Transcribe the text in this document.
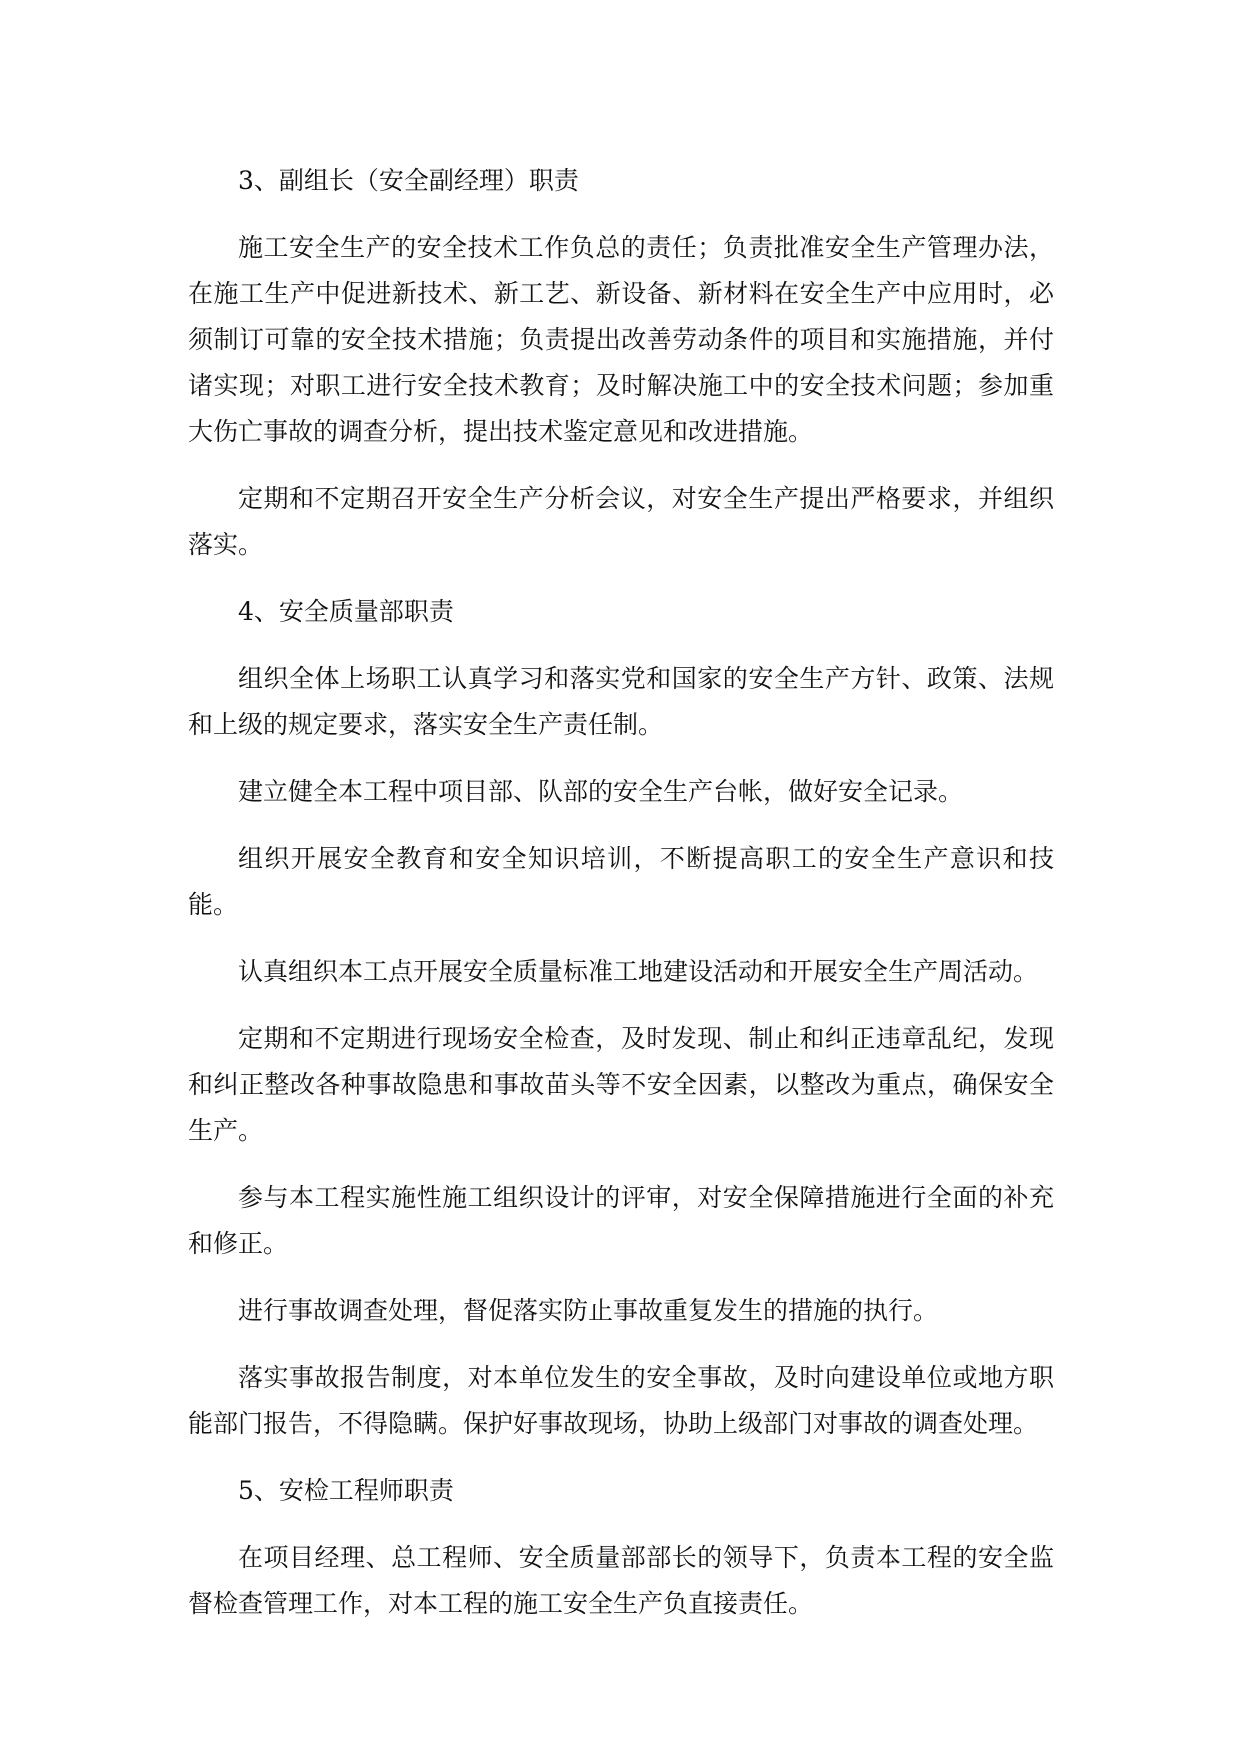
3、副组长（安全副经理）职责

施工安全生产的安全技术工作负总的责任；负责批准安全生产管理办法，在施工生产中促进新技术、新工艺、新设备、新材料在安全生产中应用时，必须制订可靠的安全技术措施；负责提出改善劳动条件的项目和实施措施，并付诸实现；对职工进行安全技术教育；及时解决施工中的安全技术问题；参加重大伤亡事故的调查分析，提出技术鉴定意见和改进措施。

定期和不定期召开安全生产分析会议，对安全生产提出严格要求，并组织落实。

4、安全质量部职责

组织全体上场职工认真学习和落实党和国家的安全生产方针、政策、法规和上级的规定要求，落实安全生产责任制。

建立健全本工程中项目部、队部的安全生产台帐，做好安全记录。

组织开展安全教育和安全知识培训，不断提高职工的安全生产意识和技能。

认真组织本工点开展安全质量标准工地建设活动和开展安全生产周活动。

定期和不定期进行现场安全检查，及时发现、制止和纠正违章乱纪，发现和纠正整改各种事故隐患和事故苗头等不安全因素，以整改为重点，确保安全生产。

参与本工程实施性施工组织设计的评审，对安全保障措施进行全面的补充和修正。

进行事故调查处理，督促落实防止事故重复发生的措施的执行。

落实事故报告制度，对本单位发生的安全事故，及时向建设单位或地方职能部门报告，不得隐瞒。保护好事故现场，协助上级部门对事故的调查处理。

5、安检工程师职责

在项目经理、总工程师、安全质量部部长的领导下，负责本工程的安全监督检查管理工作，对本工程的施工安全生产负直接责任。
